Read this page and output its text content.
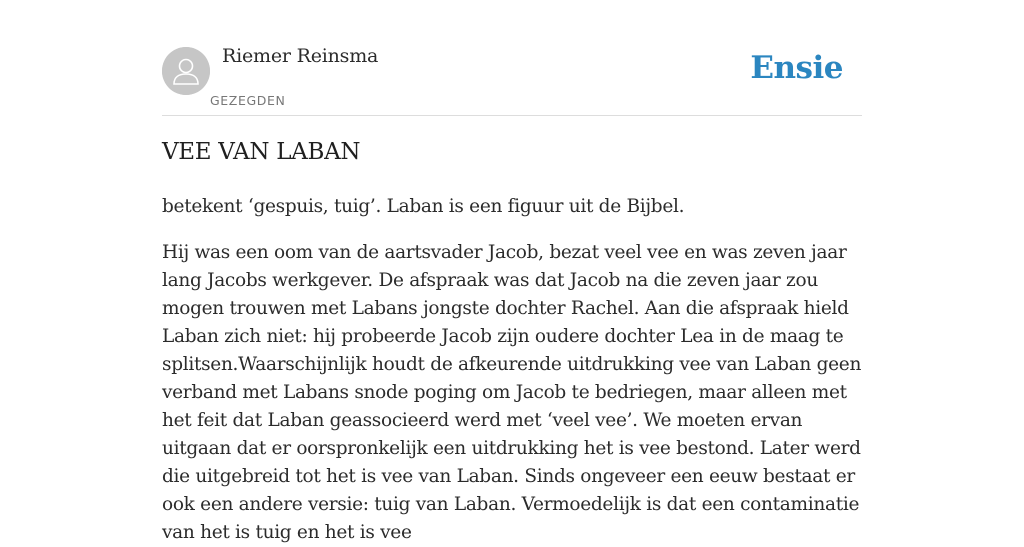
Riemer Reinsma
GEZEGDEN
Ensie
VEE VAN LABAN

betekent ‘gespuis, tuig’. Laban is een figuur uit de Bijbel.

Hij was een oom van de aartsvader Jacob, bezat veel vee en was zeven jaar lang Jacobs werkgever. De afspraak was dat Jacob na die zeven jaar zou mogen trouwen met Labans jongste dochter Rachel. Aan die afspraak hield Laban zich niet: hij probeerde Jacob zijn oudere dochter Lea in de maag te splitsen.Waarschijnlijk houdt de afkeurende uitdrukking vee van Laban geen verband met Labans snode poging om Jacob te bedriegen, maar alleen met het feit dat Laban geassocieerd werd met ‘veel vee’. We moeten ervan uitgaan dat er oorspronkelijk een uitdrukking het is vee bestond. Later werd die uitgebreid tot het is vee van Laban. Sinds ongeveer een eeuw bestaat er ook een andere versie: tuig van Laban. Vermoedelijk is dat een contaminatie van het is tuig en het is vee
